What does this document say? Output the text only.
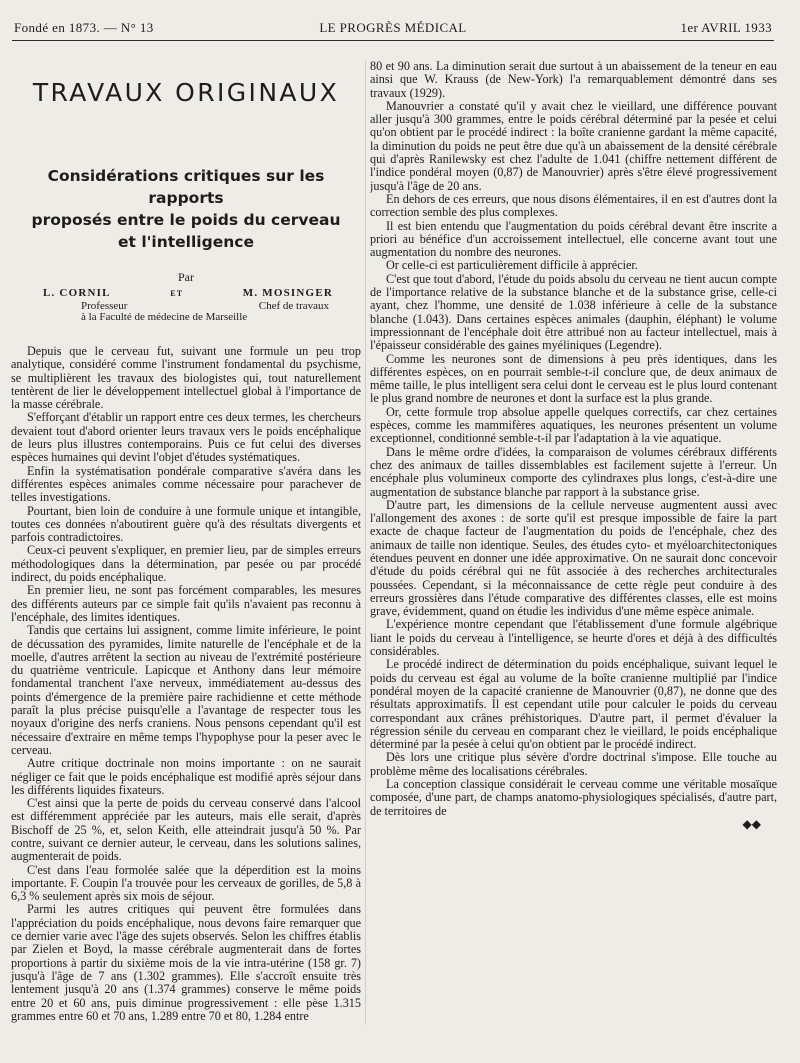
Fondé en 1873. — N° 13	LE PROGRÈS MÉDICAL	1er AVRIL 1933
TRAVAUX ORIGINAUX
Considérations critiques sur les rapports
proposés entre le poids du cerveau
et l'intelligence
Par
L. CORNIL	et	M. MOSINGER
Professeur	Chef de travaux
à la Faculté de médecine de Marseille

Depuis que le cerveau fut, suivant une formule un peu trop analytique, considéré comme l'instrument fondamental du psychisme, se multiplièrent les travaux des biologistes qui, tout naturellement tentèrent de lier le développement intellectuel global à l'importance de la masse cérébrale.

S'efforçant d'établir un rapport entre ces deux termes, les chercheurs devaient tout d'abord orienter leurs travaux vers le poids encéphalique de leurs plus illustres contemporains. Puis ce fut celui des diverses espèces humaines qui devint l'objet d'études systématiques.

Enfin la systématisation pondérale comparative s'avéra dans les différentes espèces animales comme nécessaire pour parachever de telles investigations.

Pourtant, bien loin de conduire à une formule unique et intangible, toutes ces données n'aboutirent guère qu'à des résultats divergents et parfois contradictoires.

Ceux-ci peuvent s'expliquer, en premier lieu, par de simples erreurs méthodologiques dans la détermination, par pesée ou par procédé indirect, du poids encéphalique.

En premier lieu, ne sont pas forcément comparables, les mesures des différents auteurs par ce simple fait qu'ils n'avaient pas reconnu à l'encéphale, des limites identiques.

Tandis que certains lui assignent, comme limite inférieure, le point de décussation des pyramides, limite naturelle de l'encéphale et de la moelle, d'autres arrêtent la section au niveau de l'extrémité postérieure du quatrième ventricule. Lapicque et Anthony dans leur mémoire fondamental tranchent l'axe nerveux, immédiatement au-dessus des points d'émergence de la première paire rachidienne et cette méthode paraît la plus précise puisqu'elle a l'avantage de respecter tous les noyaux d'origine des nerfs craniens. Nous pensons cependant qu'il est nécessaire d'extraire en même temps l'hypophyse pour la peser avec le cerveau.

Autre critique doctrinale non moins importante : on ne saurait négliger ce fait que le poids encéphalique est modifié après séjour dans les différents liquides fixateurs.

C'est ainsi que la perte de poids du cerveau conservé dans l'alcool est différemment appréciée par les auteurs, mais elle serait, d'après Bischoff de 25 %, et, selon Keith, elle atteindrait jusqu'à 50 %. Par contre, suivant ce dernier auteur, le cerveau, dans les solutions salines, augmenterait de poids.

C'est dans l'eau formolée salée que la déperdition est la moins importante. F. Coupin l'a trouvée pour les cerveaux de gorilles, de 5,8 à 6,3 % seulement après six mois de séjour.

Parmi les autres critiques qui peuvent être formulées dans l'appréciation du poids encéphalique, nous devons faire remarquer que ce dernier varie avec l'âge des sujets observés. Selon les chiffres établis par Zielen et Boyd, la masse cérébrale augmenterait dans de fortes proportions à partir du sixième mois de la vie intra-utérine (158 gr. 7) jusqu'à l'âge de 7 ans (1.302 grammes). Elle s'accroît ensuite très lentement jusqu'à 20 ans (1.374 grammes) conserve le même poids entre 20 et 60 ans, puis diminue progressivement : elle pèse 1.315 grammes entre 60 et 70 ans, 1.289 entre 70 et 80, 1.284 entre

80 et 90 ans. La diminution serait due surtout à un abaissement de la teneur en eau ainsi que W. Krauss (de New-York) l'a remarquablement démontré dans ses travaux (1929).

Manouvrier a constaté qu'il y avait chez le vieillard, une différence pouvant aller jusqu'à 300 grammes, entre le poids cérébral déterminé par la pesée et celui qu'on obtient par le procédé indirect : la boîte cranienne gardant la même capacité, la diminution du poids ne peut être due qu'à un abaissement de la densité cérébrale qui d'après Ranilewsky est chez l'adulte de 1.041 (chiffre nettement différent de l'indice pondéral moyen (0,87) de Manouvrier) après s'être élevé progressivement jusqu'à l'âge de 20 ans.

En dehors de ces erreurs, que nous disons élémentaires, il en est d'autres dont la correction semble des plus complexes.

Il est bien entendu que l'augmentation du poids cérébral devant être inscrite a priori au bénéfice d'un accroissement intellectuel, elle concerne avant tout une augmentation du nombre des neurones.

Or celle-ci est particulièrement difficile à apprécier.

C'est que tout d'abord, l'étude du poids absolu du cerveau ne tient aucun compte de l'importance relative de la substance blanche et de la substance grise, celle-ci ayant, chez l'homme, une densité de 1.038 inférieure à celle de la substance blanche (1.043). Dans certaines espèces animales (dauphin, éléphant) le volume impressionnant de l'encéphale doit être attribué non au facteur intellectuel, mais à l'épaisseur considérable des gaines myéliniques (Legendre).

Comme les neurones sont de dimensions à peu près identiques, dans les différentes espèces, on en pourrait semble-t-il conclure que, de deux animaux de même taille, le plus intelligent sera celui dont le cerveau est le plus lourd contenant le plus grand nombre de neurones et dont la surface est la plus grande.

Or, cette formule trop absolue appelle quelques correctifs, car chez certaines espèces, comme les mammifères aquatiques, les neurones présentent un volume exceptionnel, conditionné semble-t-il par l'adaptation à la vie aquatique.

Dans le même ordre d'idées, la comparaison de volumes cérébraux différents chez des animaux de tailles dissemblables est facilement sujette à l'erreur. Un encéphale plus volumineux comporte des cylindraxes plus longs, c'est-à-dire une augmentation de substance blanche par rapport à la substance grise.

D'autre part, les dimensions de la cellule nerveuse augmentent aussi avec l'allongement des axones : de sorte qu'il est presque impossible de faire la part exacte de chaque facteur de l'augmentation du poids de l'encéphale, chez des animaux de taille non identique. Seules, des études cyto- et myéloarchitectoniques étendues peuvent en donner une idée approximative. On ne saurait donc concevoir d'étude du poids cérébral qui ne fût associée à des recherches architecturales poussées. Cependant, si la méconnaissance de cette règle peut conduire à des erreurs grossières dans l'étude comparative des différentes classes, elle est moins grave, évidemment, quand on étudie les individus d'une même espèce animale.

L'expérience montre cependant que l'établissement d'une formule algébrique liant le poids du cerveau à l'intelligence, se heurte d'ores et déjà à des difficultés considérables.

Le procédé indirect de détermination du poids encéphalique, suivant lequel le poids du cerveau est égal au volume de la boîte cranienne multiplié par l'indice pondéral moyen de la capacité cranienne de Manouvrier (0,87), ne donne que des résultats approximatifs. Il est cependant utile pour calculer le poids du cerveau correspondant aux crânes préhistoriques. D'autre part, il permet d'évaluer la régression sénile du cerveau en comparant chez le vieillard, le poids encéphalique déterminé par la pesée à celui qu'on obtient par le procédé indirect.

Dès lors une critique plus sévère d'ordre doctrinal s'impose. Elle touche au problème même des localisations cérébrales.

La conception classique considérait le cerveau comme une véritable mosaïque composée, d'une part, de champs anatomo-physiologiques spécialisés, d'autre part, de territoires de

◆◆
